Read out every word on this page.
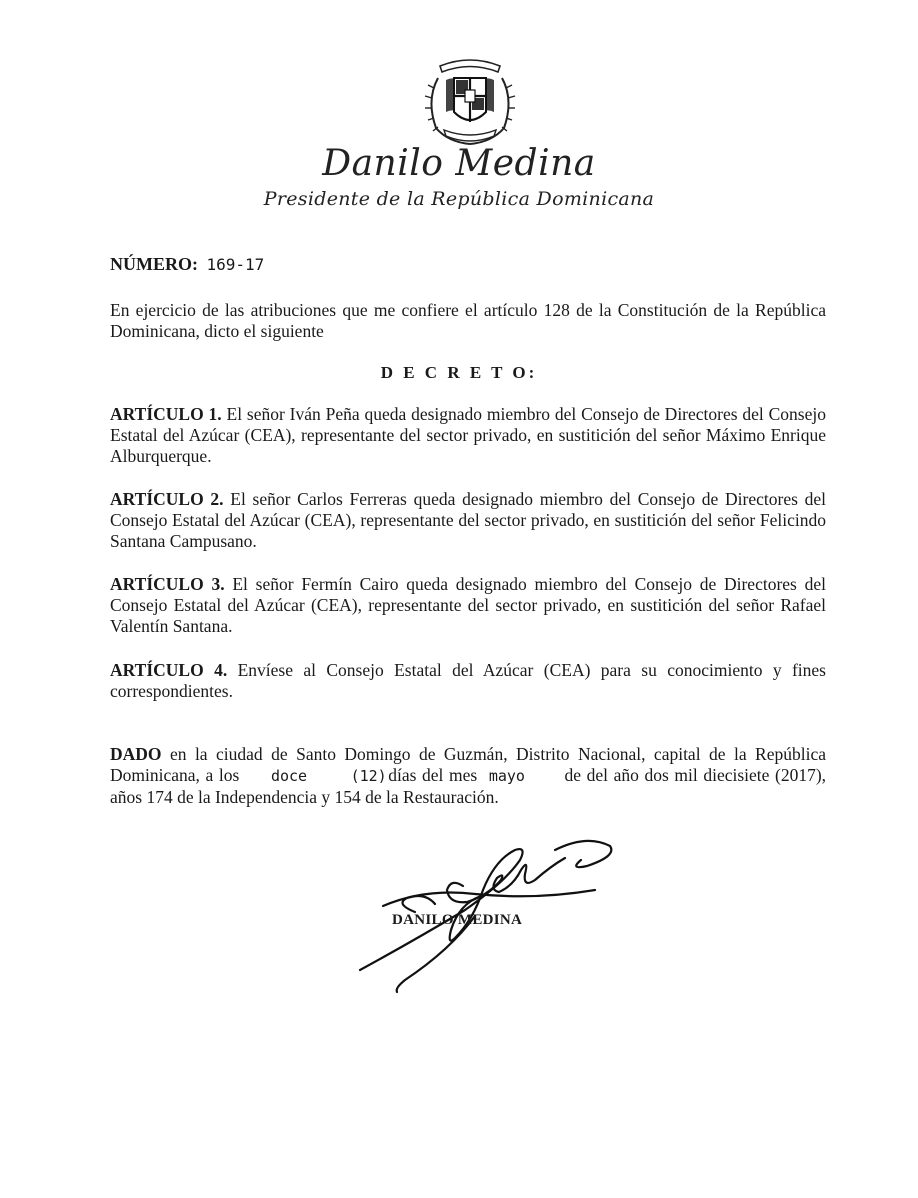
Danilo Medina
Presidente de la República Dominicana
NÚMERO: 169-17
En ejercicio de las atribuciones que me confiere el artículo 128 de la Constitución de la República Dominicana, dicto el siguiente
D E C R E T O:
ARTÍCULO 1. El señor Iván Peña queda designado miembro del Consejo de Directores del Consejo Estatal del Azúcar (CEA), representante del sector privado, en sustitición del señor Máximo Enrique Alburquerque.
ARTÍCULO 2. El señor Carlos Ferreras queda designado miembro del Consejo de Directores del Consejo Estatal del Azúcar (CEA), representante del sector privado, en sustitición del señor Felicindo Santana Campusano.
ARTÍCULO 3. El señor Fermín Cairo queda designado miembro del Consejo de Directores del Consejo Estatal del Azúcar (CEA), representante del sector privado, en sustitición del señor Rafael Valentín Santana.
ARTÍCULO 4. Envíese al Consejo Estatal del Azúcar (CEA) para su conocimiento y fines correspondientes.
DADO en la ciudad de Santo Domingo de Guzmán, Distrito Nacional, capital de la República Dominicana, a los doce	(12) días del mes mayo de del año dos mil diecisiete (2017), años 174 de la Independencia y 154 de la Restauración.
DANILO MEDINA
